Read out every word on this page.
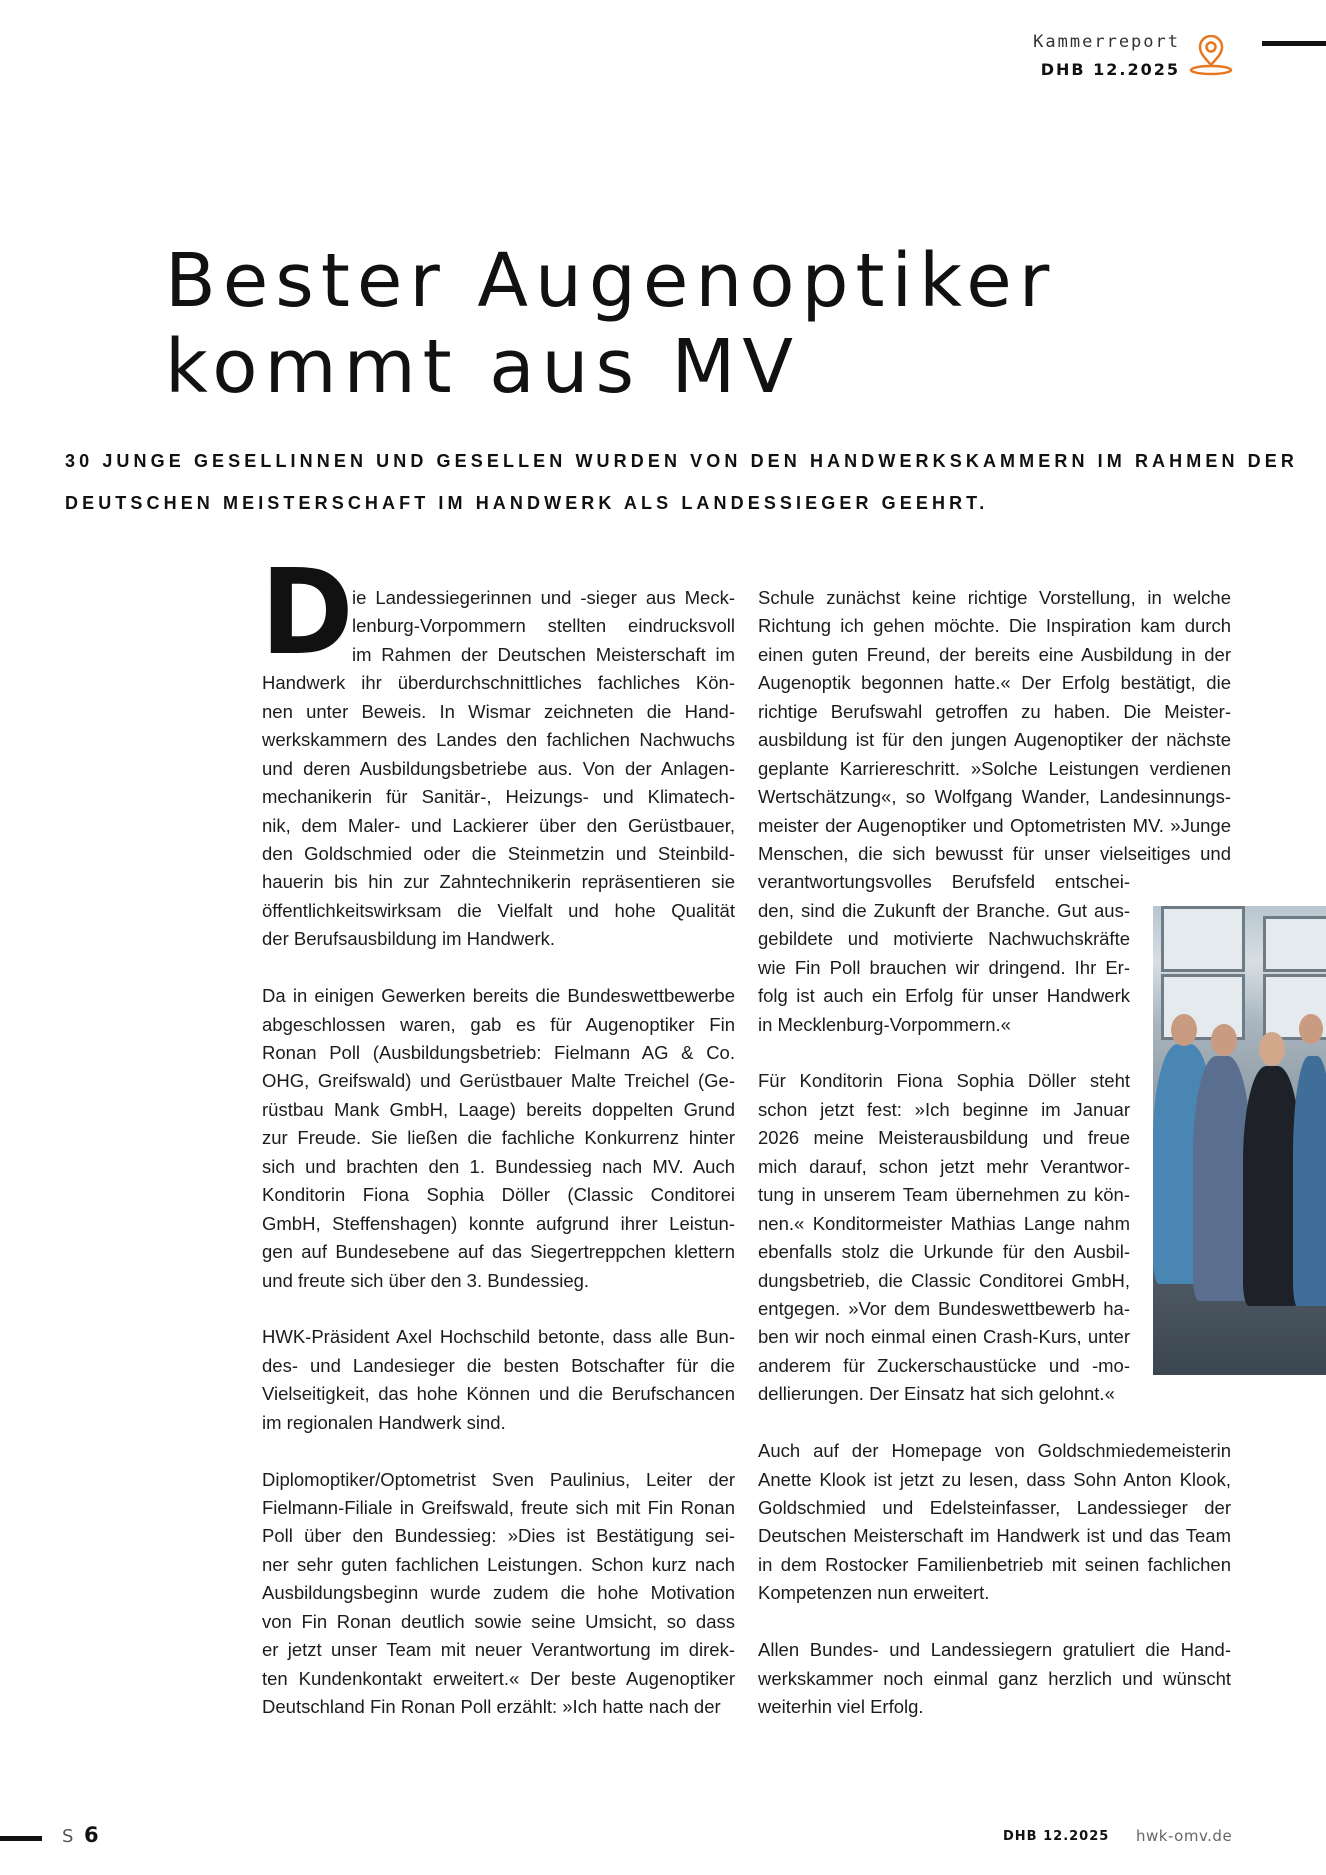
Kammerreport
DHB 12.2025
Bester Augenoptiker
kommt aus MV
30 JUNGE GESELLINNEN UND GESELLEN WURDEN VON DEN HANDWERKSKAMMERN IM RAHMEN DER
DEUTSCHEN MEISTERSCHAFT IM HANDWERK ALS LANDESSIEGER GEEHRT.
D
ie Landessiegerinnen und -sieger aus Meck-
lenburg-Vorpommern stellten eindrucksvoll
im Rahmen der Deutschen Meisterschaft im
Handwerk ihr überdurchschnittliches fachliches Kön-
nen unter Beweis. In Wismar zeichneten die Hand-
werkskammern des Landes den fachlichen Nachwuchs
und deren Ausbildungsbetriebe aus. Von der Anlagen-
mechanikerin für Sanitär-, Heizungs- und Klimatech-
nik, dem Maler- und Lackierer über den Gerüstbauer,
den Goldschmied oder die Steinmetzin und Steinbild-
hauerin bis hin zur Zahntechnikerin repräsentieren sie
öffentlichkeitswirksam die Vielfalt und hohe Qualität
der Berufsausbildung im Handwerk.
Da in einigen Gewerken bereits die Bundeswettbewerbe
abgeschlossen waren, gab es für Augenoptiker Fin
Ronan Poll (Ausbildungsbetrieb: Fielmann AG & Co.
OHG, Greifswald) und Gerüstbauer Malte Treichel (Ge-
rüstbau Mank GmbH, Laage) bereits doppelten Grund
zur Freude. Sie ließen die fachliche Konkurrenz hinter
sich und brachten den 1. Bundessieg nach MV. Auch
Konditorin Fiona Sophia Döller (Classic Conditorei
GmbH, Steffenshagen) konnte aufgrund ihrer Leistun-
gen auf Bundesebene auf das Siegertreppchen klettern
und freute sich über den 3. Bundessieg.
HWK-Präsident Axel Hochschild betonte, dass alle Bun-
des- und Landesieger die besten Botschafter für die
Vielseitigkeit, das hohe Können und die Berufschancen
im regionalen Handwerk sind.
Diplomoptiker/Optometrist Sven Paulinius, Leiter der
Fielmann-Filiale in Greifswald, freute sich mit Fin Ronan
Poll über den Bundessieg: »Dies ist Bestätigung sei-
ner sehr guten fachlichen Leistungen. Schon kurz nach
Ausbildungsbeginn wurde zudem die hohe Motivation
von Fin Ronan deutlich sowie seine Umsicht, so dass
er jetzt unser Team mit neuer Verantwortung im direk-
ten Kundenkontakt erweitert.« Der beste Augenoptiker
Deutschland Fin Ronan Poll erzählt: »Ich hatte nach der
Schule zunächst keine richtige Vorstellung, in welche
Richtung ich gehen möchte. Die Inspiration kam durch
einen guten Freund, der bereits eine Ausbildung in der
Augenoptik begonnen hatte.« Der Erfolg bestätigt, die
richtige Berufswahl getroffen zu haben. Die Meister-
ausbildung ist für den jungen Augenoptiker der nächste
geplante Karriereschritt. »Solche Leistungen verdienen
Wertschätzung«, so Wolfgang Wander, Landesinnungs-
meister der Augenoptiker und Optometristen MV. »Junge
Menschen, die sich bewusst für unser vielseitiges und
verantwortungsvolles Berufsfeld entschei-
den, sind die Zukunft der Branche. Gut aus-
gebildete und motivierte Nachwuchskräfte
wie Fin Poll brauchen wir dringend. Ihr Er-
folg ist auch ein Erfolg für unser Handwerk
in Mecklenburg-Vorpommern.«
Für Konditorin Fiona Sophia Döller steht
schon jetzt fest: »Ich beginne im Januar
2026 meine Meisterausbildung und freue
mich darauf, schon jetzt mehr Verantwor-
tung in unserem Team übernehmen zu kön-
nen.« Konditormeister Mathias Lange nahm
ebenfalls stolz die Urkunde für den Ausbil-
dungsbetrieb, die Classic Conditorei GmbH,
entgegen. »Vor dem Bundeswettbewerb ha-
ben wir noch einmal einen Crash-Kurs, unter
anderem für Zuckerschaustücke und -mo-
dellierungen. Der Einsatz hat sich gelohnt.«
Auch auf der Homepage von Goldschmiedemeisterin
Anette Klook ist jetzt zu lesen, dass Sohn Anton Klook,
Goldschmied und Edelsteinfasser, Landessieger der
Deutschen Meisterschaft im Handwerk ist und das Team
in dem Rostocker Familienbetrieb mit seinen fachlichen
Kompetenzen nun erweitert.
Allen Bundes- und Landessiegern gratuliert die Hand-
werkskammer noch einmal ganz herzlich und wünscht
weiterhin viel Erfolg.
S 6	DHB 12.2025 hwk-omv.de
